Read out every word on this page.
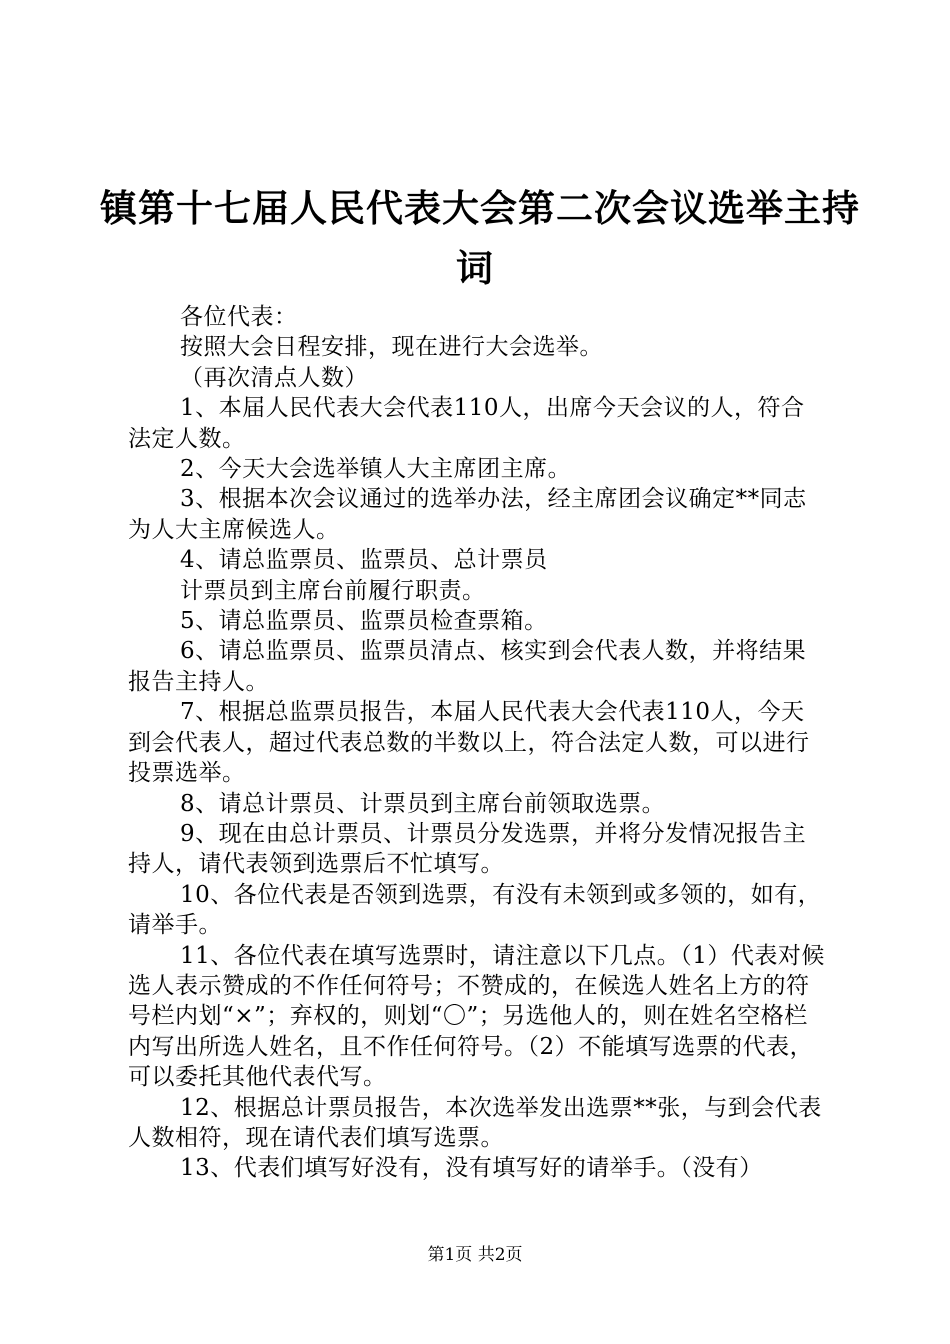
镇第十七届人民代表大会第二次会议选举主持
词

各位代表：

按照大会日程安排，现在进行大会选举。

（再次清点人数）

1、本届人民代表大会代表110人，出席今天会议的人，符合法定人数。

2、今天大会选举镇人大主席团主席。

3、根据本次会议通过的选举办法，经主席团会议确定**同志为人大主席候选人。

4、请总监票员、监票员、总计票员

计票员到主席台前履行职责。

5、请总监票员、监票员检查票箱。

6、请总监票员、监票员清点、核实到会代表人数，并将结果报告主持人。

7、根据总监票员报告，本届人民代表大会代表110人，今天到会代表人，超过代表总数的半数以上，符合法定人数，可以进行投票选举。

8、请总计票员、计票员到主席台前领取选票。

9、现在由总计票员、计票员分发选票，并将分发情况报告主持人，请代表领到选票后不忙填写。

10、各位代表是否领到选票，有没有未领到或多领的，如有，请举手。

11、各位代表在填写选票时，请注意以下几点。（1）代表对候选人表示赞成的不作任何符号；不赞成的，在候选人姓名上方的符号栏内划“×”；弃权的，则划“〇”；另选他人的，则在姓名空格栏内写出所选人姓名，且不作任何符号。（2）不能填写选票的代表，可以委托其他代表代写。

12、根据总计票员报告，本次选举发出选票**张，与到会代表人数相符，现在请代表们填写选票。

13、代表们填写好没有，没有填写好的请举手。（没有）

第1页 共2页
